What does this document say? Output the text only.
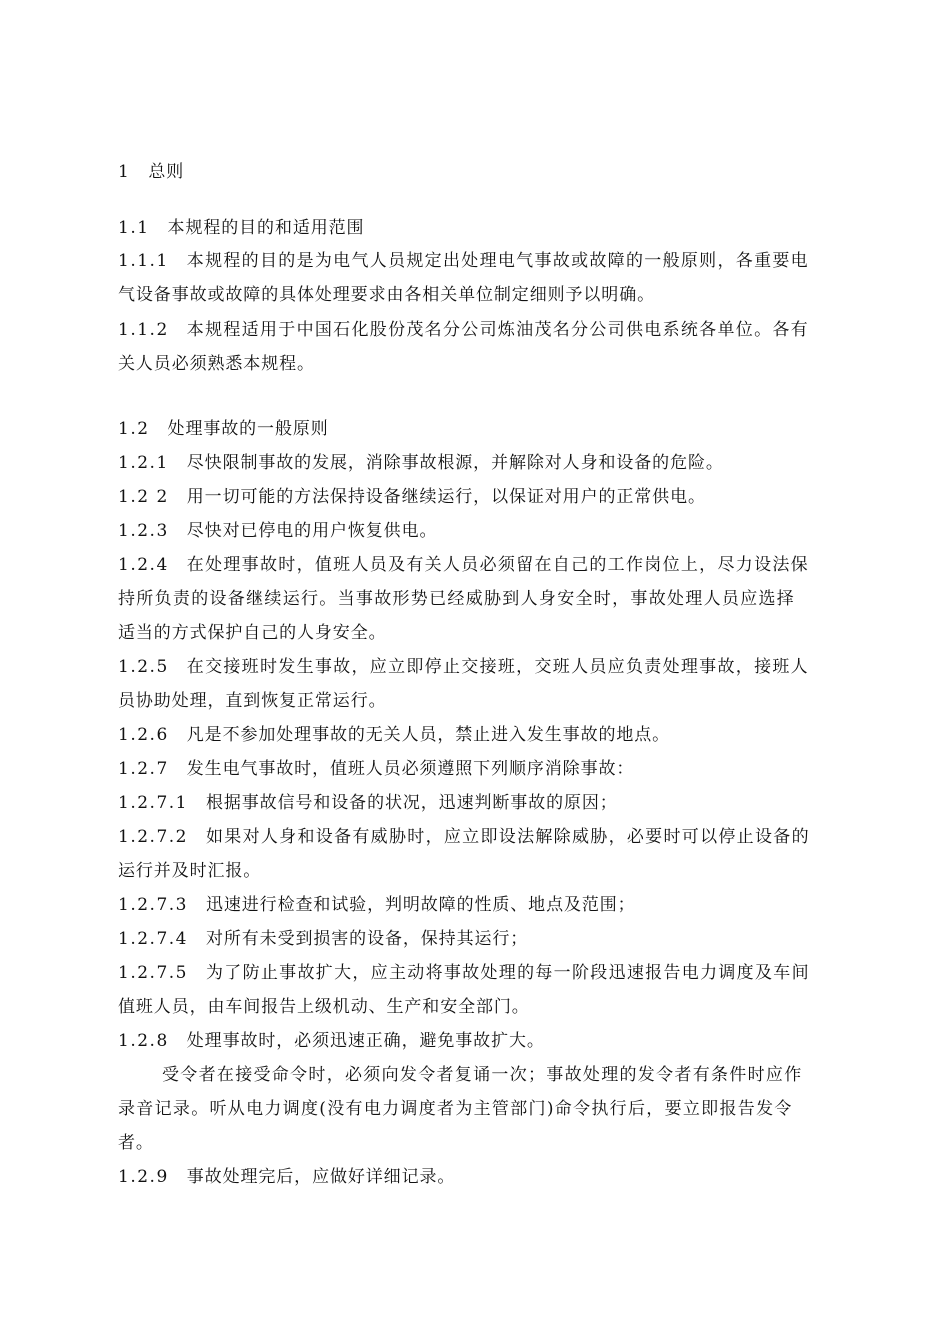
1 总则
1.1 本规程的目的和适用范围
1.1.1 本规程的目的是为电气人员规定出处理电气事故或故障的一般原则，各重要电
气设备事故或故障的具体处理要求由各相关单位制定细则予以明确。
1.1.2 本规程适用于中国石化股份茂名分公司炼油茂名分公司供电系统各单位。各有
关人员必须熟悉本规程。
1.2 处理事故的一般原则
1.2.1 尽快限制事故的发展，消除事故根源，并解除对人身和设备的危险。
1.2 2 用一切可能的方法保持设备继续运行，以保证对用户的正常供电。
1.2.3 尽快对已停电的用户恢复供电。
1.2.4 在处理事故时，值班人员及有关人员必须留在自己的工作岗位上，尽力设法保
持所负责的设备继续运行。当事故形势已经威胁到人身安全时，事故处理人员应选择
适当的方式保护自己的人身安全。
1.2.5 在交接班时发生事故，应立即停止交接班，交班人员应负责处理事故，接班人
员协助处理，直到恢复正常运行。
1.2.6 凡是不参加处理事故的无关人员，禁止进入发生事故的地点。
1.2.7 发生电气事故时，值班人员必须遵照下列顺序消除事故：
1.2.7.1 根据事故信号和设备的状况，迅速判断事故的原因；
1.2.7.2 如果对人身和设备有威胁时，应立即设法解除威胁，必要时可以停止设备的
运行并及时汇报。
1.2.7.3 迅速进行检查和试验，判明故障的性质、地点及范围；
1.2.7.4 对所有未受到损害的设备，保持其运行；
1.2.7.5 为了防止事故扩大，应主动将事故处理的每一阶段迅速报告电力调度及车间
值班人员，由车间报告上级机动、生产和安全部门。
1.2.8 处理事故时，必须迅速正确，避免事故扩大。
受令者在接受命令时，必须向发令者复诵一次；事故处理的发令者有条件时应作
录音记录。听从电力调度(没有电力调度者为主管部门)命令执行后，要立即报告发令
者。
1.2.9 事故处理完后，应做好详细记录。
